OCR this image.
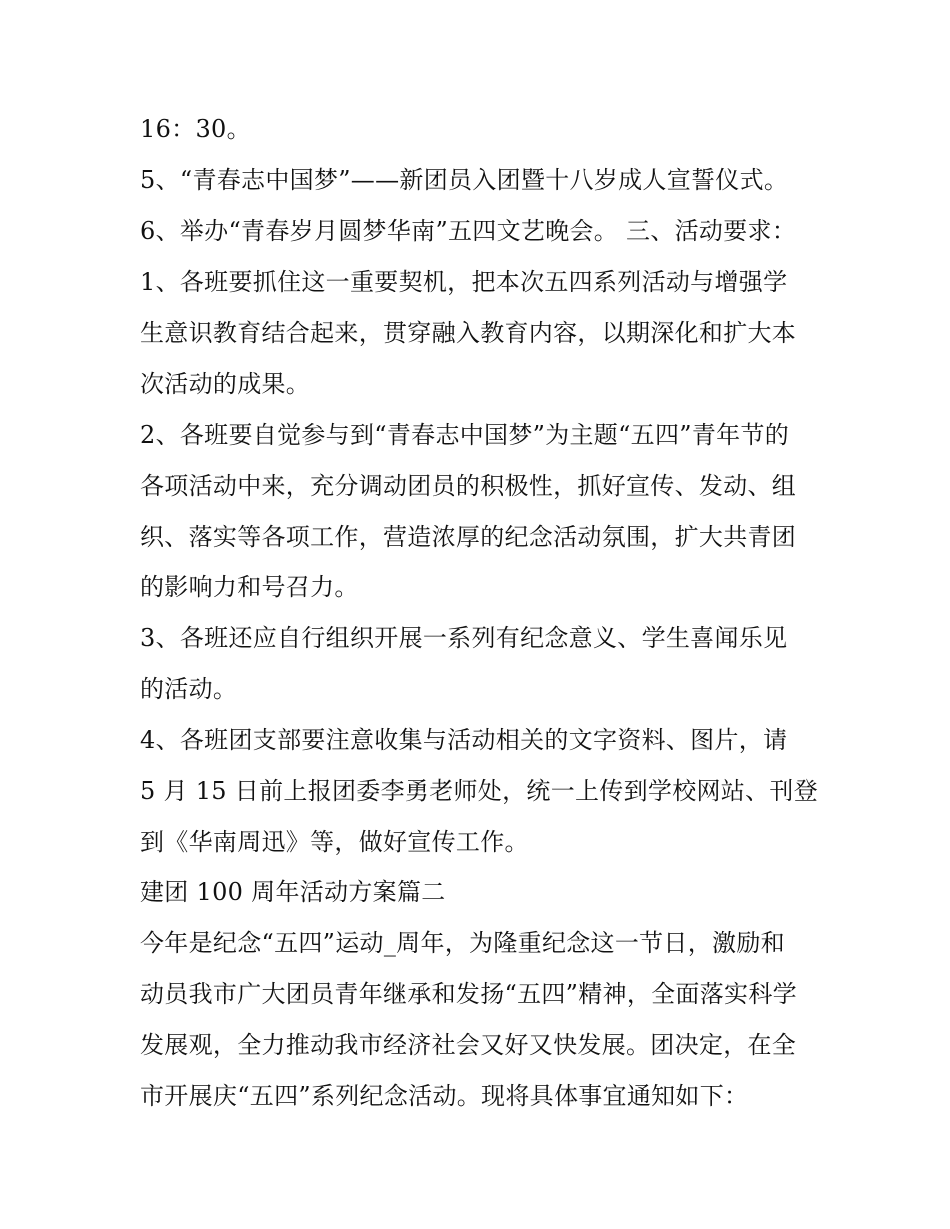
16：30。
5、“青春志中国梦”——新团员入团暨十八岁成人宣誓仪式。
6、举办“青春岁月圆梦华南”五四文艺晚会。 三、活动要求：
1、各班要抓住这一重要契机，把本次五四系列活动与增强学
生意识教育结合起来，贯穿融入教育内容，以期深化和扩大本
次活动的成果。
2、各班要自觉参与到“青春志中国梦”为主题“五四”青年节的
各项活动中来，充分调动团员的积极性，抓好宣传、发动、组
织、落实等各项工作，营造浓厚的纪念活动氛围，扩大共青团
的影响力和号召力。
3、各班还应自行组织开展一系列有纪念意义、学生喜闻乐见
的活动。
4、各班团支部要注意收集与活动相关的文字资料、图片，请
5 月 15 日前上报团委李勇老师处，统一上传到学校网站、刊登
到《华南周迅》等，做好宣传工作。
建团 100 周年活动方案篇二
今年是纪念“五四”运动_周年，为隆重纪念这一节日，激励和
动员我市广大团员青年继承和发扬“五四”精神，全面落实科学
发展观，全力推动我市经济社会又好又快发展。团决定，在全
市开展庆“五四”系列纪念活动。现将具体事宜通知如下：
